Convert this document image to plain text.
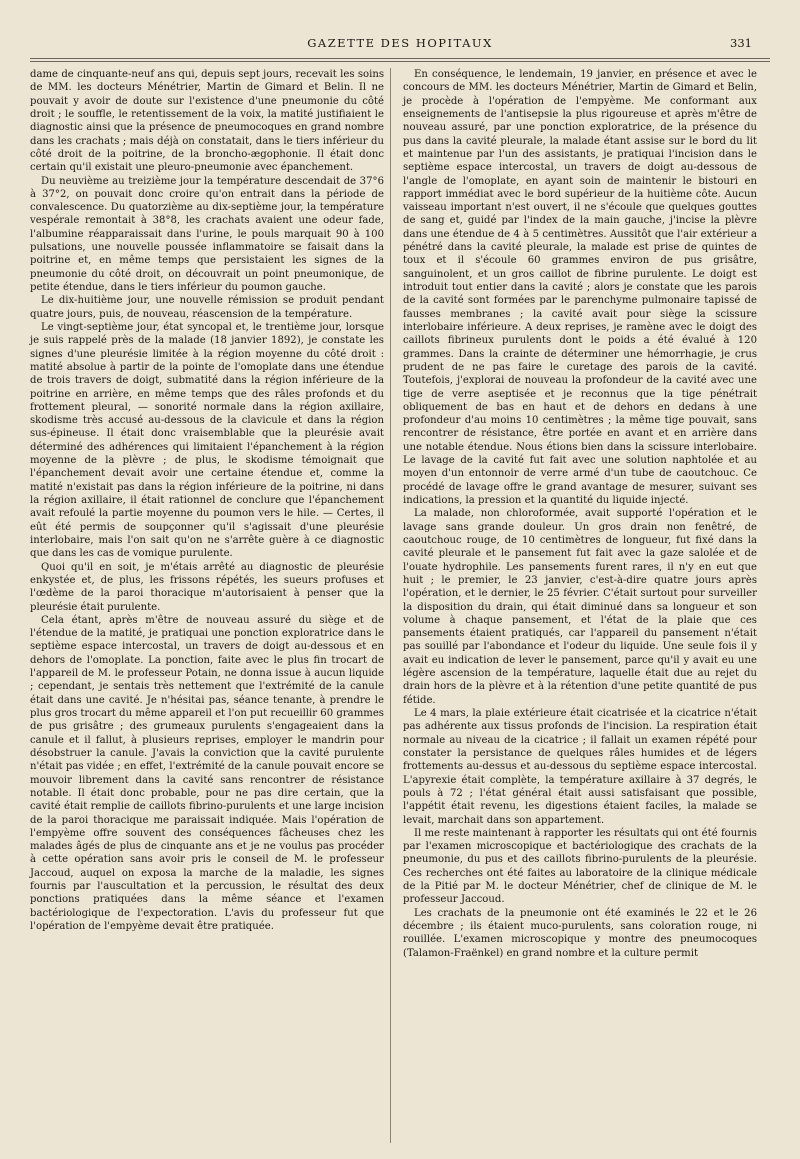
GAZETTE DES HOPITAUX	331

dame de cinquante-neuf ans qui, depuis sept jours, recevait les soins de MM. les docteurs Ménétrier, Martin de Gimard et Belin. Il ne pouvait y avoir de doute sur l'existence d'une pneumonie du côté droit ; le souffle, le retentissement de la voix, la matité justifiaient le diagnostic ainsi que la présence de pneumocoques en grand nombre dans les crachats ; mais déjà on constatait, dans le tiers inférieur du côté droit de la poitrine, de la broncho-ægophonie. Il était donc certain qu'il existait une pleuro-pneumonie avec épanchement.

Du neuvième au treizième jour la température descendait de 37°6 à 37°2, on pouvait donc croire qu'on entrait dans la période de convalescence. Du quatorzième au dix-septième jour, la température vespérale remontait à 38°8, les crachats avaient une odeur fade, l'albumine réapparaissait dans l'urine, le pouls marquait 90 à 100 pulsations, une nouvelle poussée inflammatoire se faisait dans la poitrine et, en même temps que persistaient les signes de la pneumonie du côté droit, on découvrait un point pneumonique, de petite étendue, dans le tiers inférieur du poumon gauche.

Le dix-huitième jour, une nouvelle rémission se produit pendant quatre jours, puis, de nouveau, réascension de la température.

Le vingt-septième jour, état syncopal et, le trentième jour, lorsque je suis rappelé près de la malade (18 janvier 1892), je constate les signes d'une pleurésie limitée à la région moyenne du côté droit : matité absolue à partir de la pointe de l'omoplate dans une étendue de trois travers de doigt, submatité dans la région inférieure de la poitrine en arrière, en même temps que des râles profonds et du frottement pleural, — sonorité normale dans la région axillaire, skodisme très accusé au-dessous de la clavicule et dans la région sus-épineuse. Il était donc vraisemblable que la pleurésie avait déterminé des adhérences qui limitaient l'épanchement à la région moyenne de la plèvre ; de plus, le skodisme témoignait que l'épanchement devait avoir une certaine étendue et, comme la matité n'existait pas dans la région inférieure de la poitrine, ni dans la région axillaire, il était rationnel de conclure que l'épanchement avait refoulé la partie moyenne du poumon vers le hile. — Certes, il eût été permis de soupçonner qu'il s'agissait d'une pleurésie interlobaire, mais l'on sait qu'on ne s'arrête guère à ce diagnostic que dans les cas de vomique purulente.

Quoi qu'il en soit, je m'étais arrêté au diagnostic de pleurésie enkystée et, de plus, les frissons répétés, les sueurs profuses et l'œdème de la paroi thoracique m'autorisaient à penser que la pleurésie était purulente.

Cela étant, après m'être de nouveau assuré du siège et de l'étendue de la matité, je pratiquai une ponction exploratrice dans le septième espace intercostal, un travers de doigt au-dessous et en dehors de l'omoplate. La ponction, faite avec le plus fin trocart de l'appareil de M. le professeur Potain, ne donna issue à aucun liquide ; cependant, je sentais très nettement que l'extrémité de la canule était dans une cavité. Je n'hésitai pas, séance tenante, à prendre le plus gros trocart du même appareil et l'on put recueillir 60 grammes de pus grisâtre ; des grumeaux purulents s'engageaient dans la canule et il fallut, à plusieurs reprises, employer le mandrin pour désobstruer la canule. J'avais la conviction que la cavité purulente n'était pas vidée ; en effet, l'extrémité de la canule pouvait encore se mouvoir librement dans la cavité sans rencontrer de résistance notable. Il était donc probable, pour ne pas dire certain, que la cavité était remplie de caillots fibrino-purulents et une large incision de la paroi thoracique me paraissait indiquée. Mais l'opération de l'empyème offre souvent des conséquences fâcheuses chez les malades âgés de plus de cinquante ans et je ne voulus pas procéder à cette opération sans avoir pris le conseil de M. le professeur Jaccoud, auquel on exposa la marche de la maladie, les signes fournis par l'auscultation et la percussion, le résultat des deux ponctions pratiquées dans la même séance et l'examen bactériologique de l'expectoration. L'avis du professeur fut que l'opération de l'empyème devait être pratiquée.

En conséquence, le lendemain, 19 janvier, en présence et avec le concours de MM. les docteurs Ménétrier, Martin de Gimard et Belin, je procède à l'opération de l'empyème. Me conformant aux enseignements de l'antisepsie la plus rigoureuse et après m'être de nouveau assuré, par une ponction exploratrice, de la présence du pus dans la cavité pleurale, la malade étant assise sur le bord du lit et maintenue par l'un des assistants, je pratiquai l'incision dans le septième espace intercostal, un travers de doigt au-dessous de l'angle de l'omoplate, en ayant soin de maintenir le bistouri en rapport immédiat avec le bord supérieur de la huitième côte. Aucun vaisseau important n'est ouvert, il ne s'écoule que quelques gouttes de sang et, guidé par l'index de la main gauche, j'incise la plèvre dans une étendue de 4 à 5 centimètres. Aussitôt que l'air extérieur a pénétré dans la cavité pleurale, la malade est prise de quintes de toux et il s'écoule 60 grammes environ de pus grisâtre, sanguinolent, et un gros caillot de fibrine purulente. Le doigt est introduit tout entier dans la cavité ; alors je constate que les parois de la cavité sont formées par le parenchyme pulmonaire tapissé de fausses membranes ; la cavité avait pour siège la scissure interlobaire inférieure. A deux reprises, je ramène avec le doigt des caillots fibrineux purulents dont le poids a été évalué à 120 grammes. Dans la crainte de déterminer une hémorrhagie, je crus prudent de ne pas faire le curetage des parois de la cavité. Toutefois, j'explorai de nouveau la profondeur de la cavité avec une tige de verre aseptisée et je reconnus que la tige pénétrait obliquement de bas en haut et de dehors en dedans à une profondeur d'au moins 10 centimètres ; la même tige pouvait, sans rencontrer de résistance, être portée en avant et en arrière dans une notable étendue. Nous étions bien dans la scissure interlobaire. Le lavage de la cavité fut fait avec une solution naphtolée et au moyen d'un entonnoir de verre armé d'un tube de caoutchouc. Ce procédé de lavage offre le grand avantage de mesurer, suivant ses indications, la pression et la quantité du liquide injecté.

La malade, non chloroformée, avait supporté l'opération et le lavage sans grande douleur. Un gros drain non fenêtré, de caoutchouc rouge, de 10 centimètres de longueur, fut fixé dans la cavité pleurale et le pansement fut fait avec la gaze salolée et de l'ouate hydrophile. Les pansements furent rares, il n'y en eut que huit ; le premier, le 23 janvier, c'est-à-dire quatre jours après l'opération, et le dernier, le 25 février. C'était surtout pour surveiller la disposition du drain, qui était diminué dans sa longueur et son volume à chaque pansement, et l'état de la plaie que ces pansements étaient pratiqués, car l'appareil du pansement n'était pas souillé par l'abondance et l'odeur du liquide. Une seule fois il y avait eu indication de lever le pansement, parce qu'il y avait eu une légère ascension de la température, laquelle était due au rejet du drain hors de la plèvre et à la rétention d'une petite quantité de pus fétide.

Le 4 mars, la plaie extérieure était cicatrisée et la cicatrice n'était pas adhérente aux tissus profonds de l'incision. La respiration était normale au niveau de la cicatrice ; il fallait un examen répété pour constater la persistance de quelques râles humides et de légers frottements au-dessus et au-dessous du septième espace intercostal. L'apyrexie était complète, la température axillaire à 37 degrés, le pouls à 72 ; l'état général était aussi satisfaisant que possible, l'appétit était revenu, les digestions étaient faciles, la malade se levait, marchait dans son appartement.

Il me reste maintenant à rapporter les résultats qui ont été fournis par l'examen microscopique et bactériologique des crachats de la pneumonie, du pus et des caillots fibrino-purulents de la pleurésie. Ces recherches ont été faites au laboratoire de la clinique médicale de la Pitié par M. le docteur Ménétrier, chef de clinique de M. le professeur Jaccoud.

Les crachats de la pneumonie ont été examinés le 22 et le 26 décembre ; ils étaient muco-purulents, sans coloration rouge, ni rouillée. L'examen microscopique y montre des pneumocoques (Talamon-Fraënkel) en grand nombre et la culture permit
